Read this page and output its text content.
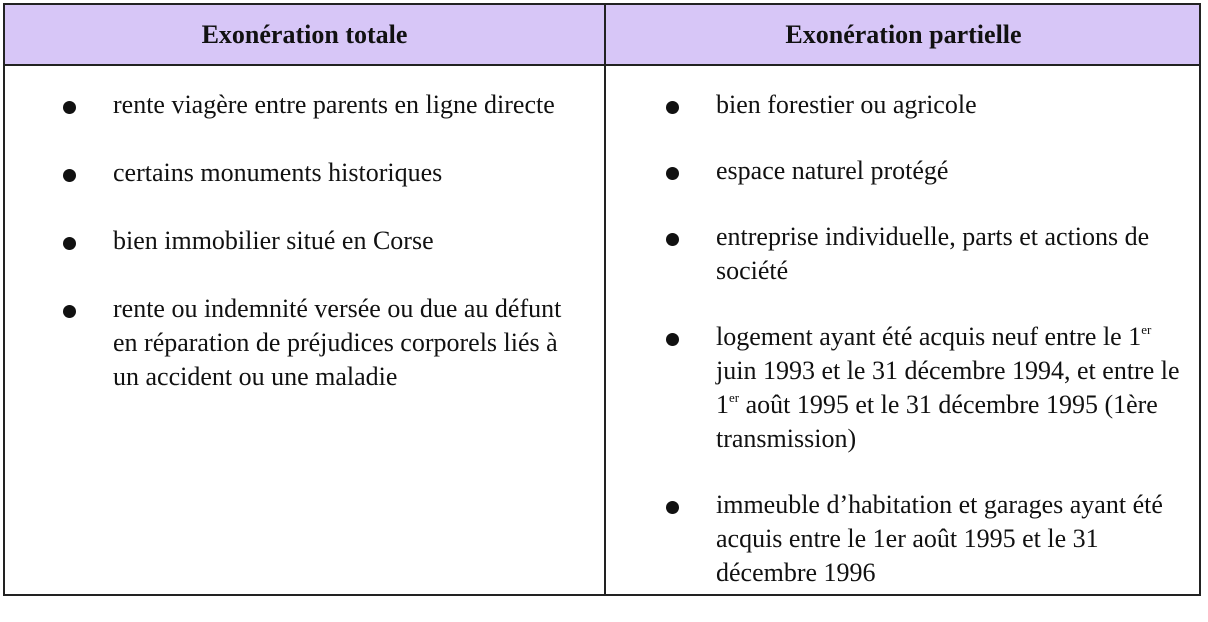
Exonération totale	Exonération partielle
rente viagère entre parents en ligne directe
certains monuments historiques
bien immobilier situé en Corse
rente ou indemnité versée ou due au défunt en réparation de préjudices corporels liés à un accident ou une maladie
bien forestier ou agricole
espace naturel protégé
entreprise individuelle, parts et actions de société
logement ayant été acquis neuf entre le 1er juin 1993 et le 31 décembre 1994, et entre le 1er août 1995 et le 31 décembre 1995 (1ère transmission)
immeuble d’habitation et garages ayant été acquis entre le 1er août 1995 et le 31 décembre 1996
